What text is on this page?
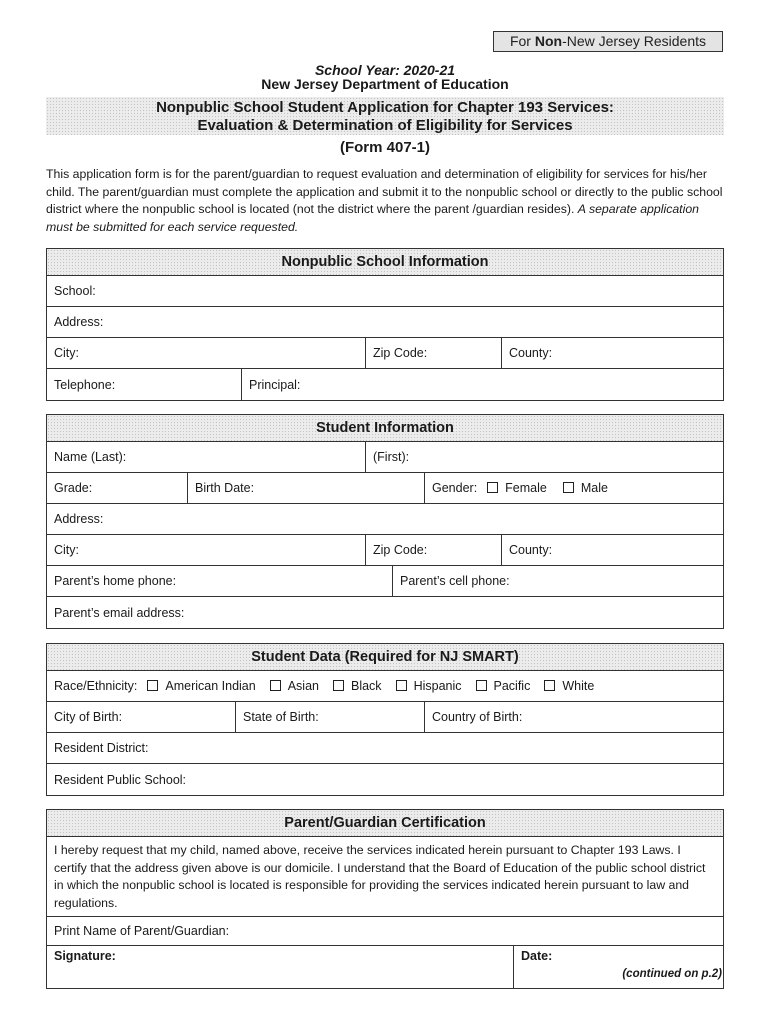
For Non-New Jersey Residents
School Year: 2020-21
New Jersey Department of Education
Nonpublic School Student Application for Chapter 193 Services:
Evaluation & Determination of Eligibility for Services
(Form 407-1)
This application form is for the parent/guardian to request evaluation and determination of eligibility for services for his/her child. The parent/guardian must complete the application and submit it to the nonpublic school or directly to the public school district where the nonpublic school is located (not the district where the parent /guardian resides). A separate application must be submitted for each service requested.
Nonpublic School Information
School:
Address:
City:	Zip Code:	County:
Telephone:	Principal:
Student Information
Name (Last):	(First):
Grade:	Birth Date:	Gender: Female	Male
Address:
City:	Zip Code:	County:
Parent’s home phone:	Parent’s cell phone:
Parent’s email address:
Student Data (Required for NJ SMART)
Race/Ethnicity: American Indian	Asian	Black	Hispanic	Pacific	White
City of Birth:	State of Birth:	Country of Birth:
Resident District:
Resident Public School:
Parent/Guardian Certification
I hereby request that my child, named above, receive the services indicated herein pursuant to Chapter 193 Laws. I certify that the address given above is our domicile. I understand that the Board of Education of the public school district in which the nonpublic school is located is responsible for providing the services indicated herein pursuant to law and regulations.
Print Name of Parent/Guardian:
Signature:	Date:
(continued on p.2)
